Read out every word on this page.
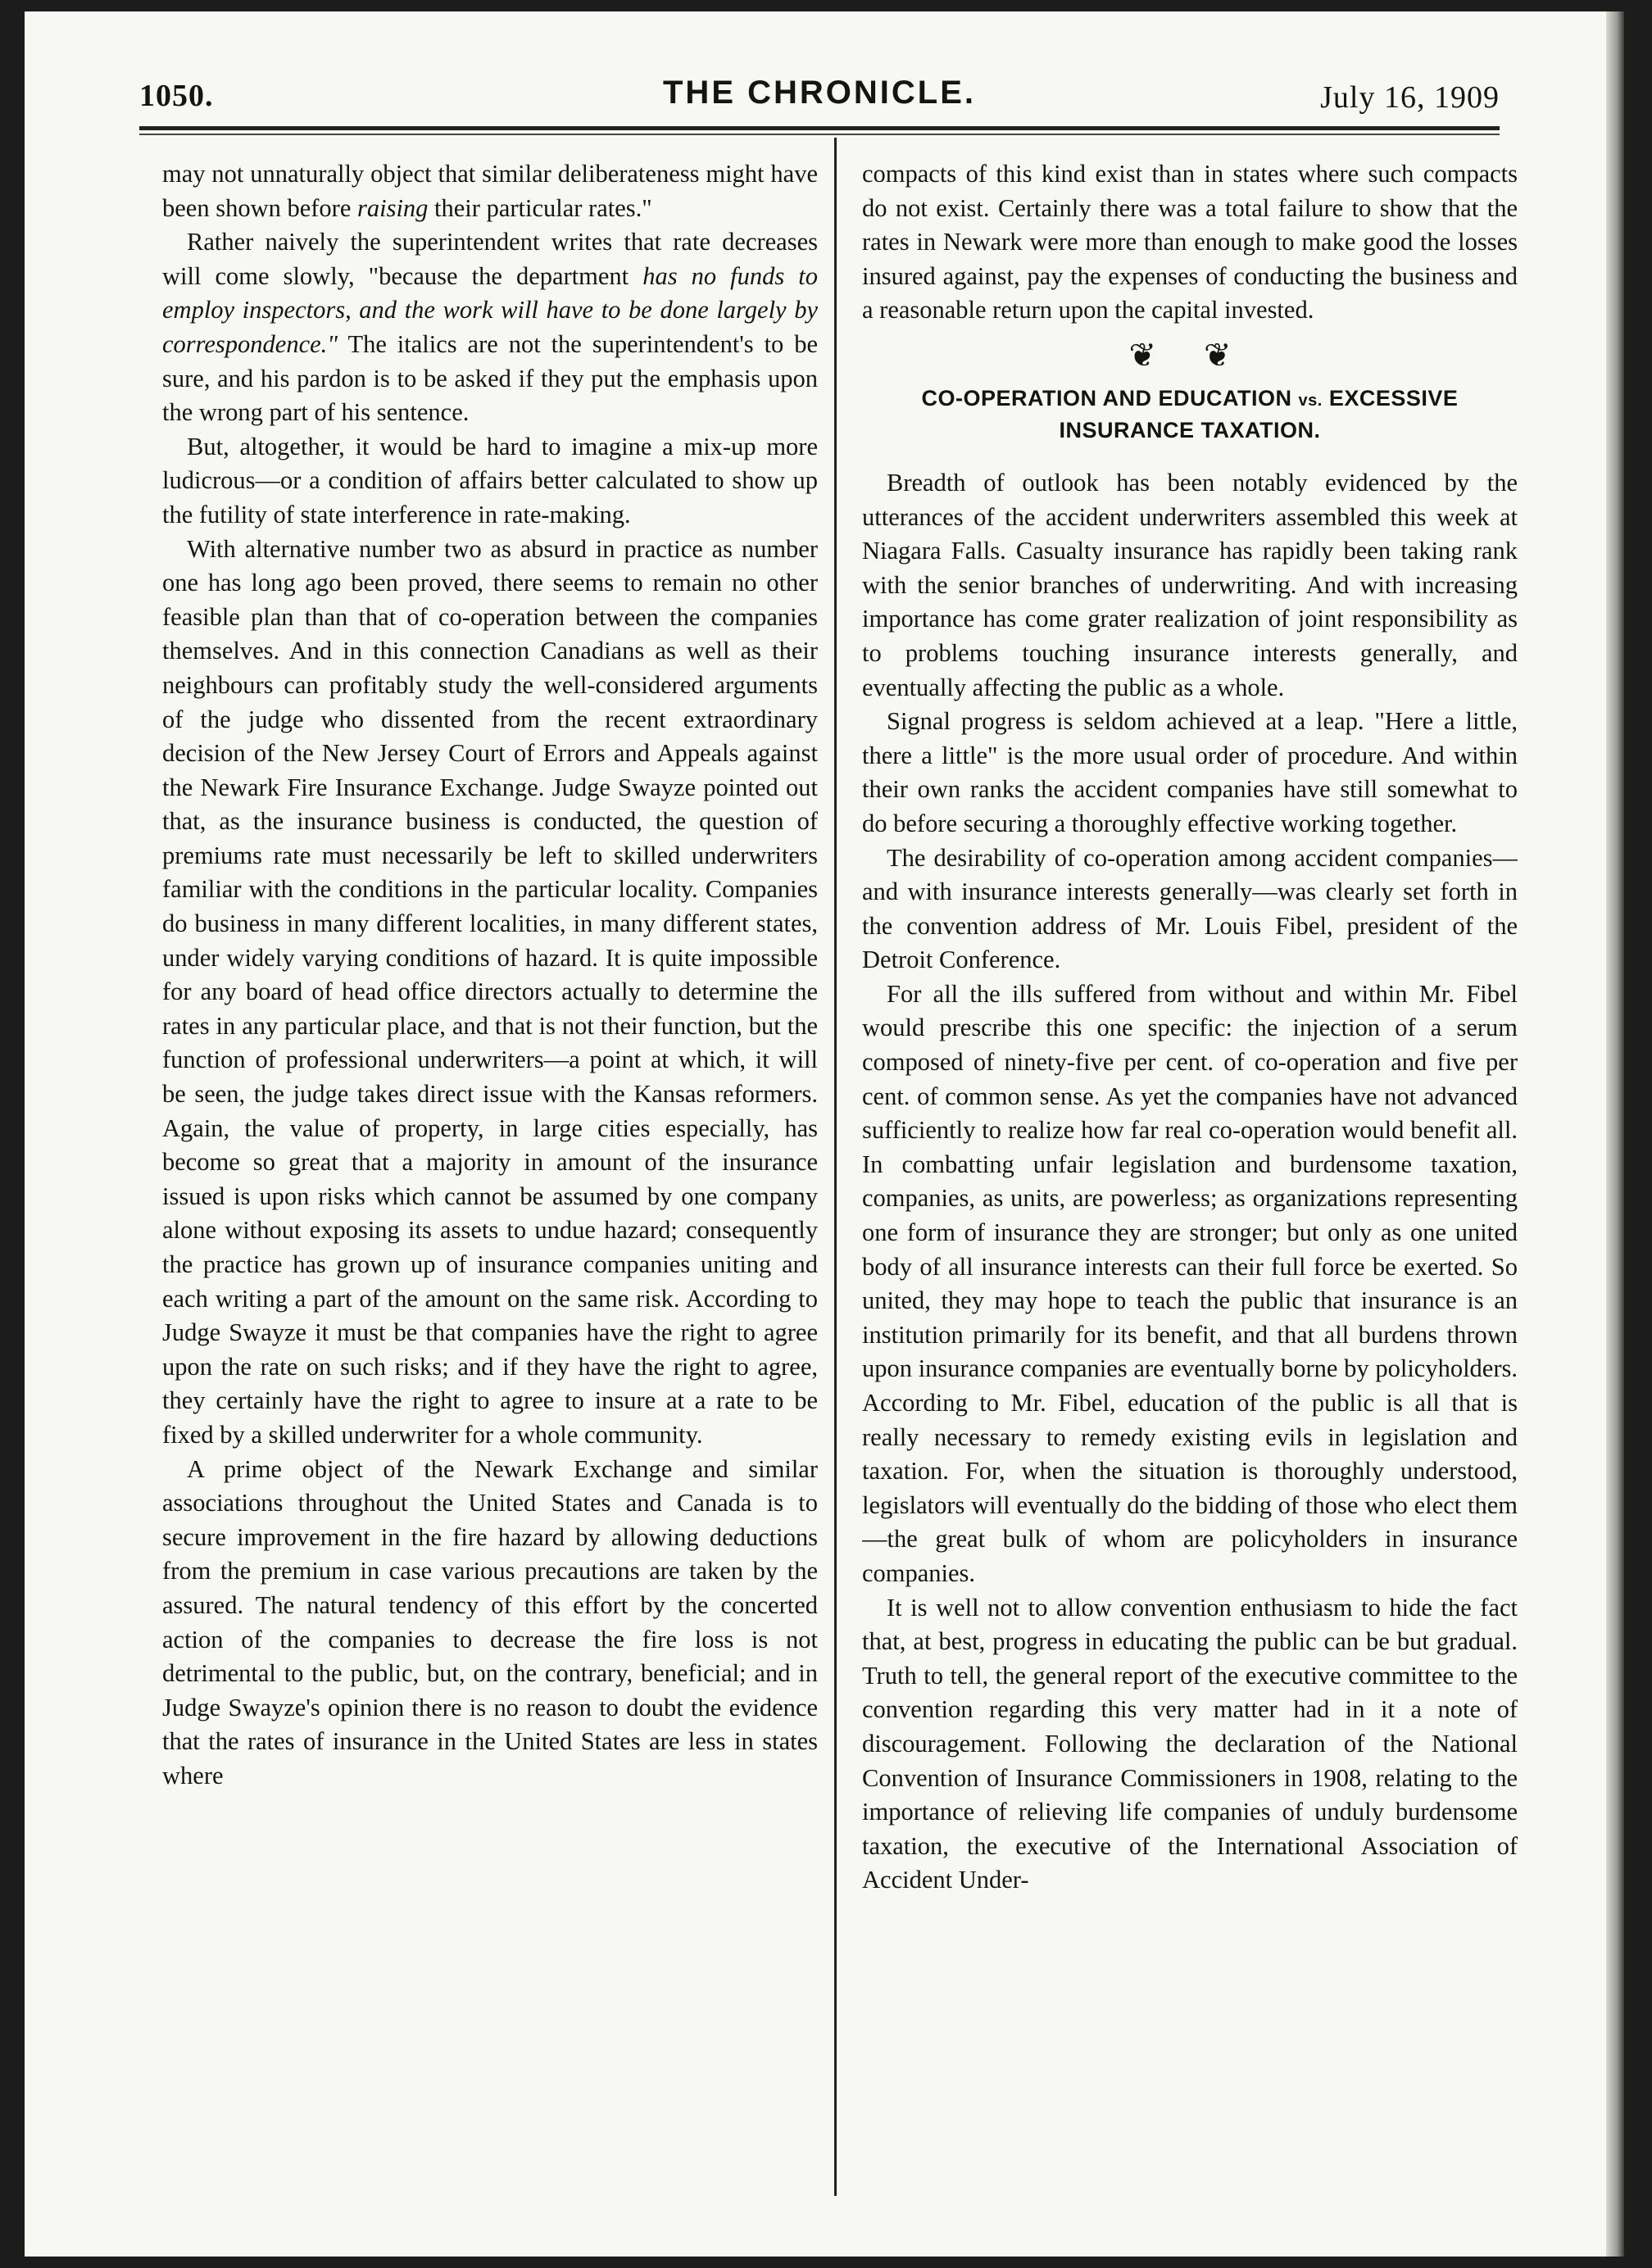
1050.	THE CHRONICLE.	July 16, 1909

may not unnaturally object that similar deliberateness might have been shown before raising their particular rates."

Rather naively the superintendent writes that rate decreases will come slowly, "because the department has no funds to employ inspectors, and the work will have to be done largely by correspondence." The italics are not the superintendent's to be sure, and his pardon is to be asked if they put the emphasis upon the wrong part of his sentence.

But, altogether, it would be hard to imagine a mix-up more ludicrous—or a condition of affairs better calculated to show up the futility of state interference in rate-making.

With alternative number two as absurd in practice as number one has long ago been proved, there seems to remain no other feasible plan than that of co-operation between the companies themselves. And in this connection Canadians as well as their neighbours can profitably study the well-considered arguments of the judge who dissented from the recent extraordinary decision of the New Jersey Court of Errors and Appeals against the Newark Fire Insurance Exchange. Judge Swayze pointed out that, as the insurance business is conducted, the question of premiums rate must necessarily be left to skilled underwriters familiar with the conditions in the particular locality. Companies do business in many different localities, in many different states, under widely varying conditions of hazard. It is quite impossible for any board of head office directors actually to determine the rates in any particular place, and that is not their function, but the function of professional underwriters—a point at which, it will be seen, the judge takes direct issue with the Kansas reformers. Again, the value of property, in large cities especially, has become so great that a majority in amount of the insurance issued is upon risks which cannot be assumed by one company alone without exposing its assets to undue hazard; consequently the practice has grown up of insurance companies uniting and each writing a part of the amount on the same risk. According to Judge Swayze it must be that companies have the right to agree upon the rate on such risks; and if they have the right to agree, they certainly have the right to agree to insure at a rate to be fixed by a skilled underwriter for a whole community.

A prime object of the Newark Exchange and similar associations throughout the United States and Canada is to secure improvement in the fire hazard by allowing deductions from the premium in case various precautions are taken by the assured. The natural tendency of this effort by the concerted action of the companies to decrease the fire loss is not detrimental to the public, but, on the contrary, beneficial; and in Judge Swayze's opinion there is no reason to doubt the evidence that the rates of insurance in the United States are less in states where

compacts of this kind exist than in states where such compacts do not exist. Certainly there was a total failure to show that the rates in Newark were more than enough to make good the losses insured against, pay the expenses of conducting the business and a reasonable return upon the capital invested.

❦ ❦
CO-OPERATION AND EDUCATION vs. EXCESSIVE INSURANCE TAXATION.

Breadth of outlook has been notably evidenced by the utterances of the accident underwriters assembled this week at Niagara Falls. Casualty insurance has rapidly been taking rank with the senior branches of underwriting. And with increasing importance has come grater realization of joint responsibility as to problems touching insurance interests generally, and eventually affecting the public as a whole.

Signal progress is seldom achieved at a leap. "Here a little, there a little" is the more usual order of procedure. And within their own ranks the accident companies have still somewhat to do before securing a thoroughly effective working together.

The desirability of co-operation among accident companies—and with insurance interests generally—was clearly set forth in the convention address of Mr. Louis Fibel, president of the Detroit Conference.

For all the ills suffered from without and within Mr. Fibel would prescribe this one specific: the injection of a serum composed of ninety-five per cent. of co-operation and five per cent. of common sense. As yet the companies have not advanced sufficiently to realize how far real co-operation would benefit all. In combatting unfair legislation and burdensome taxation, companies, as units, are powerless; as organizations representing one form of insurance they are stronger; but only as one united body of all insurance interests can their full force be exerted. So united, they may hope to teach the public that insurance is an institution primarily for its benefit, and that all burdens thrown upon insurance companies are eventually borne by policyholders. According to Mr. Fibel, education of the public is all that is really necessary to remedy existing evils in legislation and taxation. For, when the situation is thoroughly understood, legislators will eventually do the bidding of those who elect them—the great bulk of whom are policyholders in insurance companies.

It is well not to allow convention enthusiasm to hide the fact that, at best, progress in educating the public can be but gradual. Truth to tell, the general report of the executive committee to the convention regarding this very matter had in it a note of discouragement. Following the declaration of the National Convention of Insurance Commissioners in 1908, relating to the importance of relieving life companies of unduly burdensome taxation, the executive of the International Association of Accident Under-
